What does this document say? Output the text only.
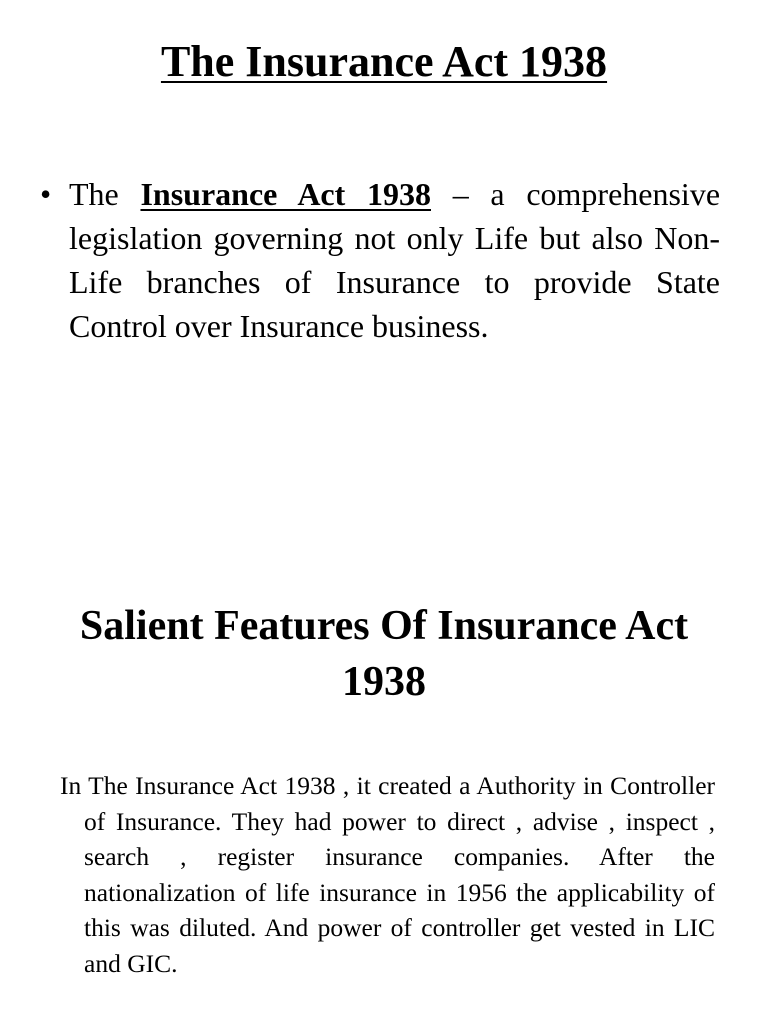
The Insurance Act 1938
• The Insurance Act 1938 – a comprehensive legislation governing not only Life but also Non-Life branches of Insurance to provide State Control over Insurance business.

Salient Features Of Insurance Act 1938

In The Insurance Act 1938 , it created a Authority in Controller of Insurance. They had power to direct , advise , inspect , search , register insurance companies. After the nationalization of life insurance in 1956 the applicability of this was diluted. And power of controller get vested in LIC and GIC.
